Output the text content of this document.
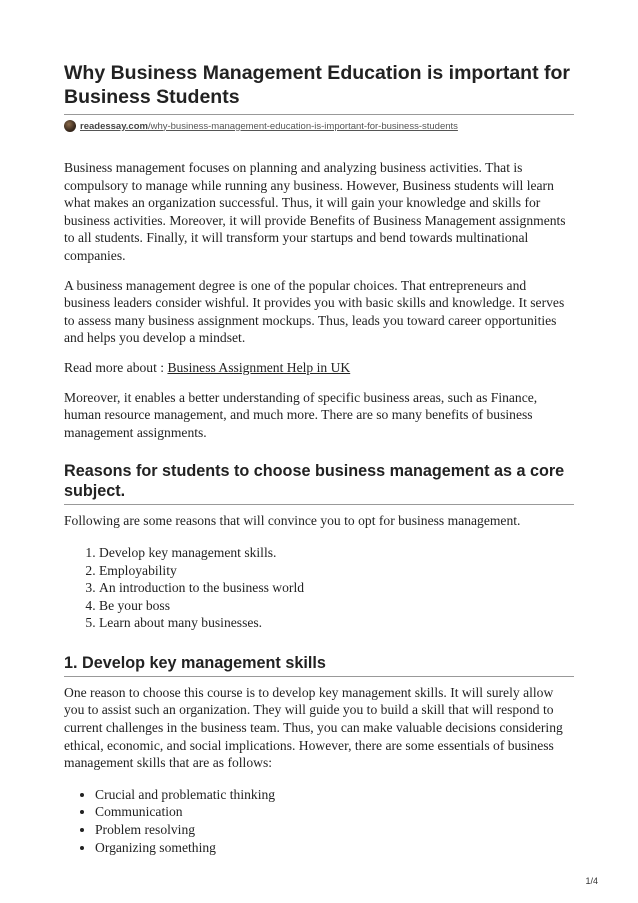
Why Business Management Education is important for Business Students
readessay.com/why-business-management-education-is-important-for-business-students

Business management focuses on planning and analyzing business activities. That is compulsory to manage while running any business. However, Business students will learn what makes an organization successful. Thus, it will gain your knowledge and skills for business activities. Moreover, it will provide Benefits of Business Management assignments to all students. Finally, it will transform your startups and bend towards multinational companies.

A business management degree is one of the popular choices. That entrepreneurs and business leaders consider wishful. It provides you with basic skills and knowledge. It serves to assess many business assignment mockups. Thus, leads you toward career opportunities and helps you develop a mindset.

Read more about : Business Assignment Help in UK

Moreover, it enables a better understanding of specific business areas, such as Finance, human resource management, and much more. There are so many benefits of business management assignments.

Reasons for students to choose business management as a core subject.

Following are some reasons that will convince you to opt for business management.

1. Develop key management skills.
2. Employability
3. An introduction to the business world
4. Be your boss
5. Learn about many businesses.
1. Develop key management skills

One reason to choose this course is to develop key management skills. It will surely allow you to assist such an organization. They will guide you to build a skill that will respond to current challenges in the business team. Thus, you can make valuable decisions considering ethical, economic, and social implications. However, there are some essentials of business management skills that are as follows:

• Crucial and problematic thinking
• Communication
• Problem resolving
• Organizing something
1/4
